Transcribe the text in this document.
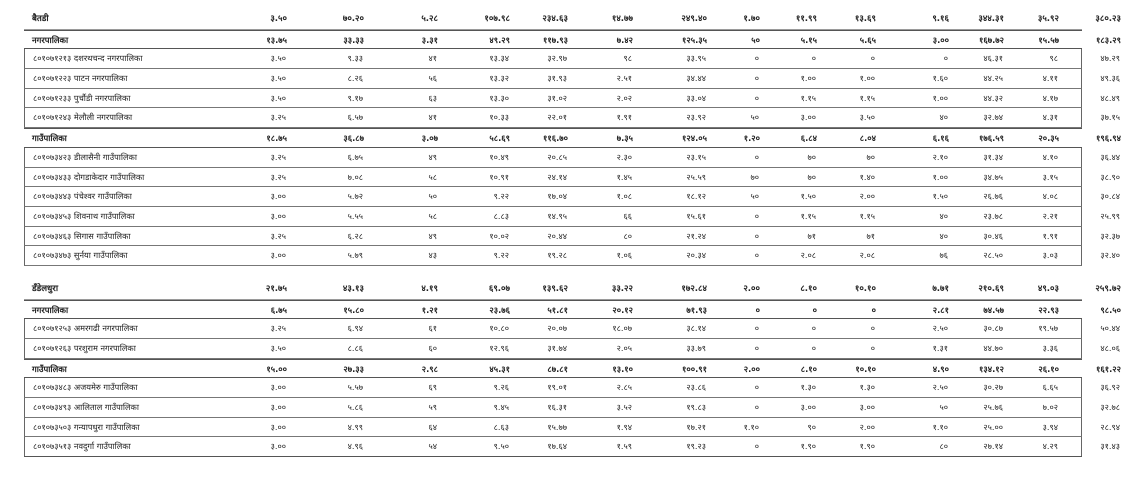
बैतडी	३.५०	७०.२०	५.२८	१०७.९८	२३४.६३	१४.७७	२४९.४०	१.७०	११.९९	१३.६९	९.१६	३४४.३१	३५.९२	३८०.२३
नगरपालिका	१३.७५	३३.३३	३.३१	४९.२९	११७.९३	७.४२	१२५.३५	५०	५.१५	५.६५	३.००	१६७.७२	१५.५७	१८३.२९
८०१०७१२१३ दशरथचन्द नगरपालिका	३.५०	९.३३	४१	१३.३४	३२.९७	९८	३३.९५	०	०	०	०	४६.३१	९८	४७.२९
८०१०७१२२३ पाटन नगरपालिका	३.५०	८.२६	५६	१३.३२	३१.९३	२.५१	३४.४४	०	१.००	१.००	१.६०	४४.२५	४.११	४९.३६
८०१०७१२३३ पुर्चौडी नगरपालिका	३.५०	९.१७	६३	१३.३०	३१.०२	२.०२	३३.०४	०	१.१५	१.१५	१.००	४४.३२	४.१७	४८.४९
८०१०७१२४३ मेलौली नगरपालिका	३.२५	६.५७	४१	१०.३३	२२.०१	१.९१	२३.९२	५०	३.००	३.५०	४०	३२.७४	४.३१	३७.१५
गाउँपालिका	१८.७५	३६.८७	३.०७	५८.६९	११६.७०	७.३५	१२४.०५	१.२०	६.८४	८.०४	६.१६	१७६.५९	२०.३५	१९६.९४
८०१०७३४२३ डीलासैनी गाउँपालिका	३.२५	६.७५	४९	१०.४९	२०.८५	२.३०	२३.१५	०	७०	७०	२.१०	३१.३४	४.१०	३६.४४
८०१०७३४३३ दोगडाकेदार गाउँपालिका	३.२५	७.०८	५८	१०.९१	२४.१४	१.४५	२५.५९	७०	७०	१.४०	१.००	३४.७५	३.१५	३८.९०
८०१०७३४४३ पंचेश्वर गाउँपालिका	३.००	५.७२	५०	९.२२	१७.०४	१.०८	१८.१२	५०	१.५०	२.००	१.५०	२६.७६	४.०८	३०.८४
८०१०७३४५३ शिवनाथ गाउँपालिका	३.००	५.५५	५८	८.८३	१४.९५	६६	१५.६१	०	१.१५	१.१५	४०	२३.७८	२.२१	२५.९९
८०१०७३४६३ सिगास गाउँपालिका	३.२५	६.२८	४९	१०.०२	२०.४४	८०	२१.२४	०	७१	७१	४०	३०.४६	१.९१	३२.३७
८०१०७३४७३ सुर्नया गाउँपालिका	३.००	५.७९	४३	९.२२	१९.२८	१.०६	२०.३४	०	२.०८	२.०८	७६	२८.५०	३.०३	३२.४०
डँडेलधुरा	२१.७५	४३.१३	४.१९	६९.०७	१३९.६२	३३.२२	१७२.८४	२.००	८.१०	१०.१०	७.७१	२१०.६९	४९.०३	२५९.७२
नगरपालिका	६.७५	१५.८०	१.२१	२३.७६	५१.८१	२०.१२	७१.९३	०	०	०	२.८१	७४.५७	२२.९३	९८.५०
८०१०७१२५३ अमरगढी नगरपालिका	३.२५	६.९४	६१	१०.८०	२०.०७	१८.०७	३८.१४	०	०	०	२.५०	३०.८७	१९.५७	५०.४४
८०१०७१२६३ परशुराम नगरपालिका	३.५०	८.८६	६०	१२.९६	३१.७४	२.०५	३३.७९	०	०	०	१.३१	४४.७०	३.३६	४८.०६
गाउँपालिका	१५.००	२७.३३	२.९८	४५.३१	८७.८१	१३.१०	१००.९१	२.००	८.१०	१०.१०	४.९०	१३४.१२	२६.१०	१६१.२२
८०१०७३४८३ अजयमेरु गाउँपालिका	३.००	५.५७	६९	९.२६	१९.०१	२.८५	२३.८६	०	१.३०	१.३०	२.५०	३०.२७	६.६५	३६.९२
८०१०७३४९३ आलिताल गाउँपालिका	३.००	५.८६	५९	९.४५	१६.३१	३.५२	१९.८३	०	३.००	३.००	५०	२५.७६	७.०२	३२.७८
८०१०७३५०३ गन्यापधुरा गाउँपालिका	३.००	४.९९	६४	८.६३	१५.७७	१.९४	१७.२१	१.१०	९०	२.००	१.१०	२५.००	३.९४	२८.९४
८०१०७३५१३ नवदुर्गा गाउँपालिका	३.००	४.९६	५४	९.५०	१७.६४	१.५९	१९.२३	०	१.९०	१.९०	८०	२७.१४	४.२९	३१.४३
